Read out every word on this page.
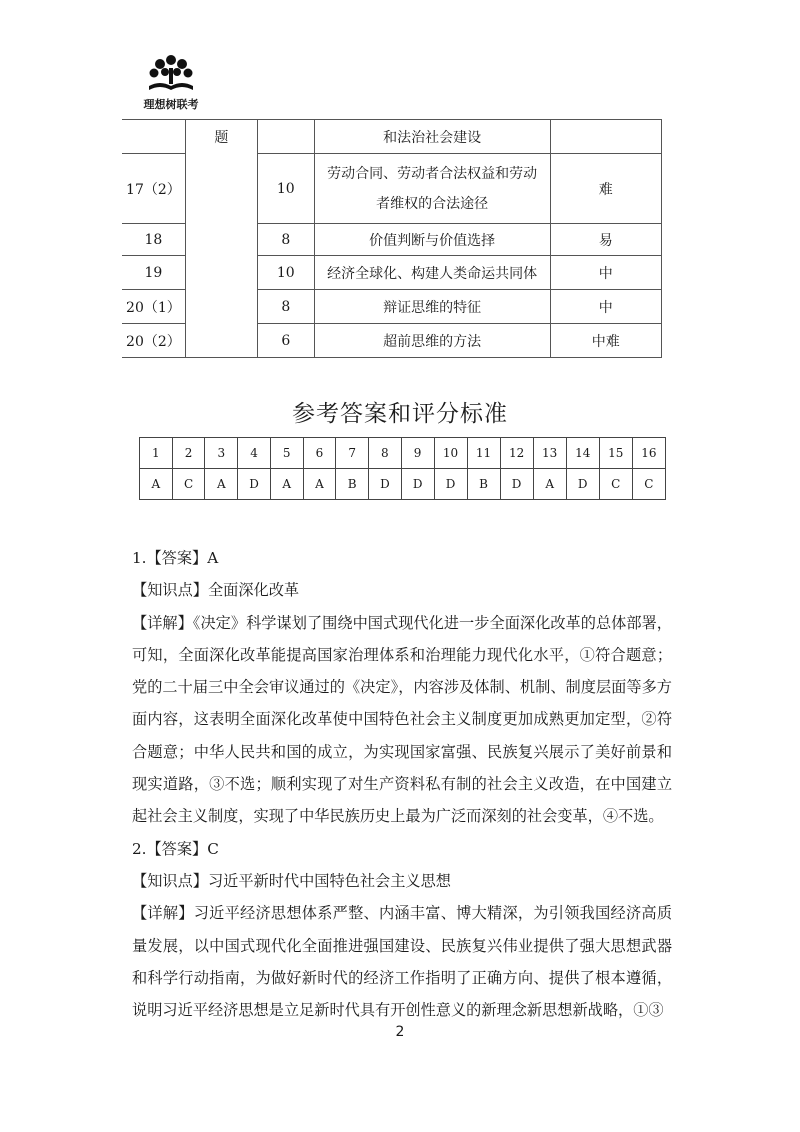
理想树联考
	题		和法治社会建设	
17（2）		10	劳动合同、劳动者合法权益和劳动者维权的合法途径	难
18		8	价值判断与价值选择	易
19		10	经济全球化、构建人类命运共同体	中
20（1）		8	辩证思维的特征	中
20（2）		6	超前思维的方法	中难
参考答案和评分标准
1	2	3	4	5	6	7	8	9	10	11	12	13	14	15	16
A	C	A	D	A	A	B	D	D	D	B	D	A	D	C	C

1.【答案】A

【知识点】全面深化改革

【详解】《决定》科学谋划了围绕中国式现代化进一步全面深化改革的总体部署，可知，全面深化改革能提高国家治理体系和治理能力现代化水平，①符合题意；党的二十届三中全会审议通过的《决定》，内容涉及体制、机制、制度层面等多方面内容，这表明全面深化改革使中国特色社会主义制度更加成熟更加定型，②符合题意；中华人民共和国的成立，为实现国家富强、民族复兴展示了美好前景和现实道路，③不选；顺利实现了对生产资料私有制的社会主义改造，在中国建立起社会主义制度，实现了中华民族历史上最为广泛而深刻的社会变革，④不选。

2.【答案】C

【知识点】习近平新时代中国特色社会主义思想

【详解】习近平经济思想体系严整、内涵丰富、博大精深，为引领我国经济高质量发展，以中国式现代化全面推进强国建设、民族复兴伟业提供了强大思想武器和科学行动指南，为做好新时代的经济工作指明了正确方向、提供了根本遵循，说明习近平经济思想是立足新时代具有开创性意义的新理念新思想新战略，①③

2
